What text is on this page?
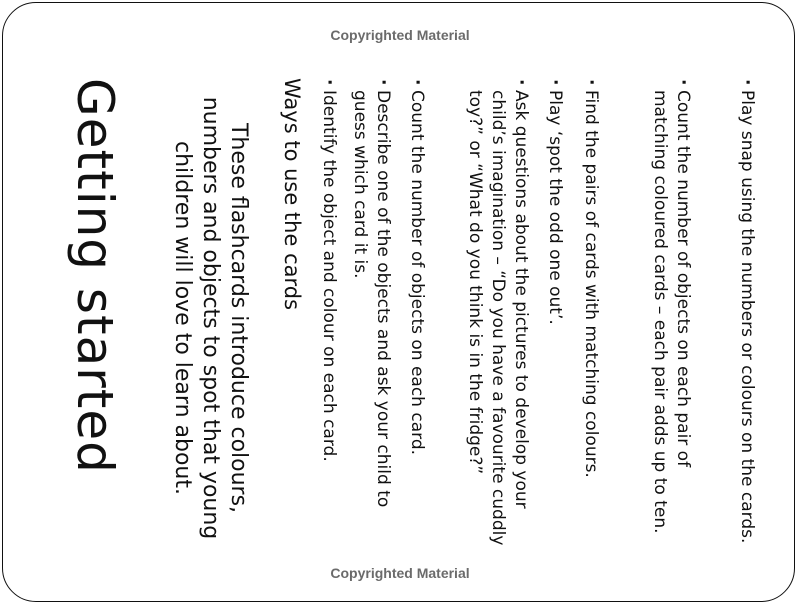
Copyrighted Material
Copyrighted Material
Getting started	These flashcards introduce colours, numbers and objects to spot that young children will love to learn about.	Ways to use the cards · Identify the object and colour on each card.	· Describe one of the objects and ask your child to guess which card it is.	· Count the number of objects on each card.	· Ask questions about the pictures to develop your child’s imagination – “Do you have a favourite cuddly toy?” or “What do you think is in the fridge?”	· Play ‘spot the odd one out’. · Find the pairs of cards with matching colours.	· Count the number of objects on each pair of matching coloured cards – each pair adds up to ten.	· Play snap using the numbers or colours on the cards.
